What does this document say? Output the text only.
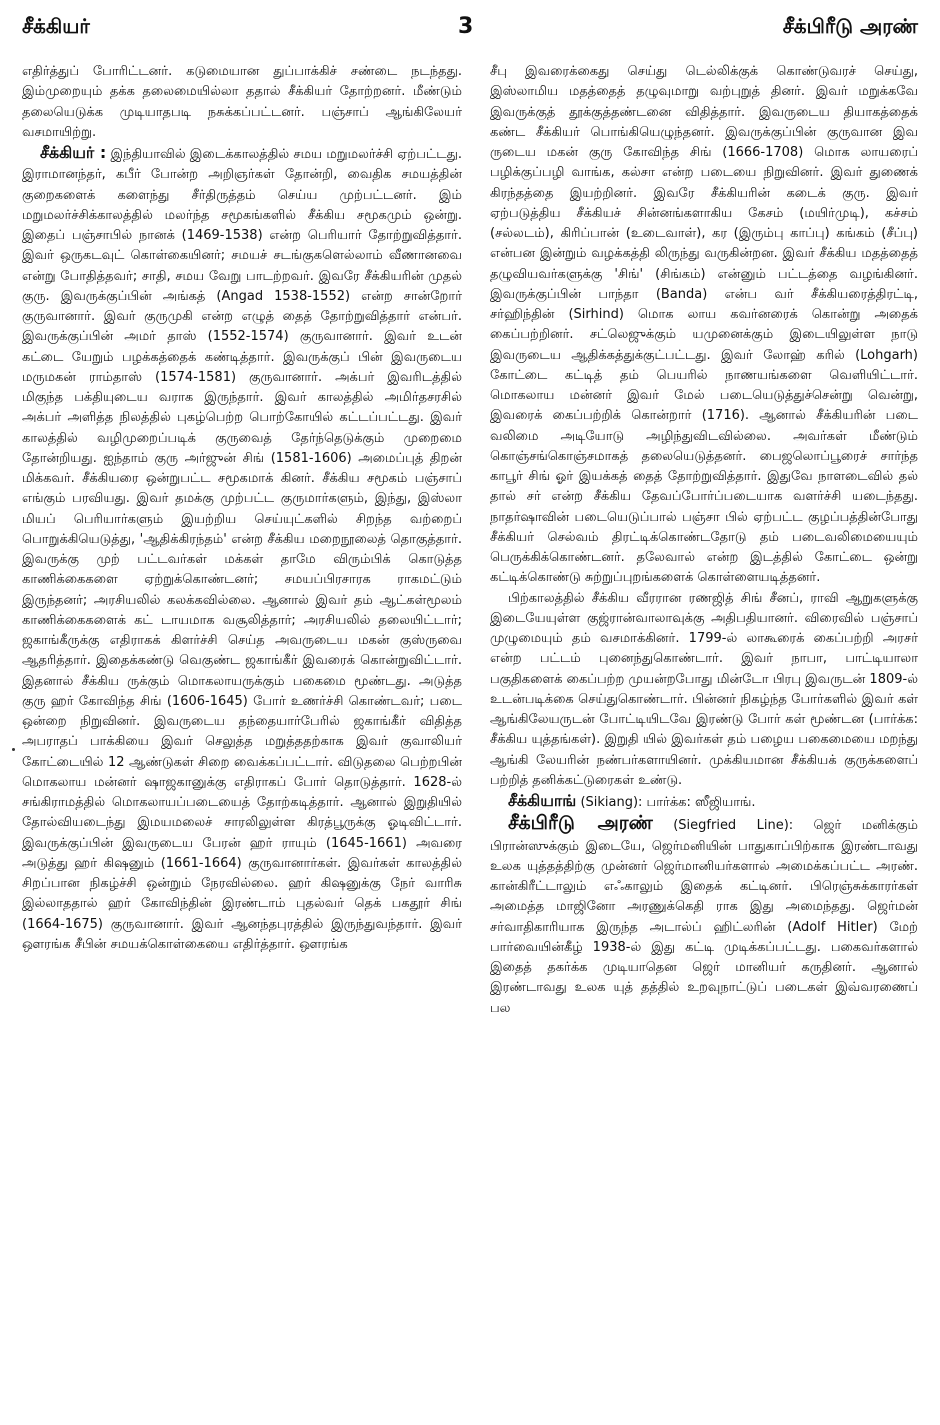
சீக்கியர்	3	சீக்பிரீடு அரண்

எதிர்த்துப் போரிட்டனர். கடுமையான துப்பாக்கிச் சண்டை நடந்தது. இம்முறையும் தக்க தலைமையில்லா ததால் சீக்கியர் தோற்றனர். மீண்டும் தலையெடுக்க முடியாதபடி நசுக்கப்பட்டனர். பஞ்சாப் ஆங்கிலேயர் வசமாயிற்று.

சீக்கியர் : இந்தியாவில் இடைக்காலத்தில் சமய மறுமலர்ச்சி ஏற்பட்டது. இராமானந்தர், கபீர் போன்ற அறிஞர்கள் தோன்றி, வைதிக சமயத்தின் குறைகளைக் களைந்து சீர்திருத்தம் செய்ய முற்பட்டனர். இம் மறுமலர்ச்சிக்காலத்தில் மலர்ந்த சமூகங்களில் சீக்கிய சமூகமும் ஒன்று. இதைப் பஞ்சாபில் நானக் (1469-1538) என்ற பெரியார் தோற்றுவித்தார். இவர் ஒருகடவுட் கொள்கையினர்; சமயச் சடங்குகளெல்லாம் வீணானவை என்று போதித்தவர்; சாதி, சமய வேறு பாடற்றவர். இவரே சீக்கியரின் முதல் குரு. இவருக்குப்பின் அங்கத் (Angad 1538-1552) என்ற சான்றோர் குருவானார். இவர் குருமுகி என்ற எழுத் தைத் தோற்றுவித்தார் என்பர். இவருக்குப்பின் அமர் தாஸ் (1552-1574) குருவானார். இவர் உடன் கட்டை யேறும் பழக்கத்தைக் கண்டித்தார். இவருக்குப் பின் இவருடைய மருமகன் ராம்தாஸ் (1574-1581) குருவானார். அக்பர் இவரிடத்தில் மிகுந்த பக்தியுடைய வராக இருந்தார். இவர் காலத்தில் அமிர்தசரசில் அக்பர் அளித்த நிலத்தில் புகழ்பெற்ற பொற்கோயில் கட்டப்பட்டது. இவர் காலத்தில் வழிமுறைப்படிக் குருவைத் தேர்ந்தெடுக்கும் முறைமை தோன்றியது. ஐந்தாம் குரு அர்ஜுன் சிங் (1581-1606) அமைப்புத் திறன் மிக்கவர். சீக்கியரை ஒன்றுபட்ட சமூகமாக் கினர். சீக்கிய சமூகம் பஞ்சாப் எங்கும் பரவியது. இவர் தமக்கு முற்பட்ட குருமார்களும், இந்து, இஸ்லா மியப் பெரியார்களும் இயற்றிய செய்யுட்களில் சிறந்த வற்றைப் பொறுக்கியெடுத்து, 'ஆதிக்கிரந்தம்' என்ற சீக்கிய மறைநூலைத் தொகுத்தார். இவருக்கு முற் பட்டவர்கள் மக்கள் தாமே விரும்பிக் கொடுத்த காணிக்கைகளை ஏற்றுக்கொண்டனர்; சமயப்பிரசாரக ராகமட்டும் இருந்தனர்; அரசியலில் கலக்கவில்லை. ஆனால் இவர் தம் ஆட்கள்மூலம் காணிக்கைகளைக் கட் டாயமாக வசூலித்தார்; அரசியலில் தலையிட்டார்; ஜகாங்கீருக்கு எதிராகக் கிளர்ச்சி செய்த அவருடைய மகன் குஸ்ருவை ஆதரித்தார். இதைக்கண்டு வெகுண்ட ஜகாங்கீர் இவரைக் கொன்றுவிட்டார். இதனால் சீக்கிய ருக்கும் மொகலாயருக்கும் பகைமை மூண்டது. அடுத்த குரு ஹர் கோவிந்த சிங் (1606-1645) போர் உணர்ச்சி கொண்டவர்; படை ஒன்றை நிறுவினர். இவருடைய தந்தையார்பேரில் ஜகாங்கீர் விதித்த அபராதப் பாக்கியை இவர் செலுத்த மறுத்ததற்காக இவர் குவாலியர் கோட்டையில் 12 ஆண்டுகள் சிறை வைக்கப்பட்டார். விடுதலை பெற்றபின் மொகலாய மன்னர் ஷாஜகானுக்கு எதிராகப் போர் தொடுத்தார். 1628-ல் சங்கிராமத்தில் மொகலாயப்படையைத் தோற்கடித்தார். ஆனால் இறுதியில் தோல்வியடைந்து இமயமலைச் சாரலிலுள்ள கிரத்பூருக்கு ஓடிவிட்டார். இவருக்குப்பின் இவருடைய பேரன் ஹர் ராயும் (1645-1661) அவரை அடுத்து ஹர் கிஷனும் (1661-1664) குருவானார்கள். இவர்கள் காலத்தில் சிறப்பான நிகழ்ச்சி ஒன்றும் நேரவில்லை. ஹர் கிஷனுக்கு நேர் வாரிசு இல்லாததால் ஹர் கோவிந்தின் இரண்டாம் புதல்வர் தெக் பகதூர் சிங் (1664-1675) குருவானார். இவர் ஆனந்தபுரத்தில் இருந்துவந்தார். இவர் ஔரங்க சீபின் சமயக்கொள்கையை எதிர்த்தார். ஔரங்க

சீபு இவரைக்கைது செய்து டெல்லிக்குக் கொண்டுவரச் செய்து, இஸ்லாமிய மதத்தைத் தழுவுமாறு வற்புறுத் தினர். இவர் மறுக்கவே இவருக்குத் தூக்குத்தண்டனை விதித்தார். இவருடைய தியாகத்தைக் கண்ட சீக்கியர் பொங்கியெழுந்தனர். இவருக்குப்பின் குருவான இவ ருடைய மகன் குரு கோவிந்த சிங் (1666-1708) மொக லாயரைப் பழிக்குப்பழி வாங்க, கல்சா என்ற படையை நிறுவினர். இவர் துணைக் கிரந்தத்தை இயற்றினர். இவரே சீக்கியரின் கடைக் குரு. இவர் ஏற்படுத்திய சீக்கியச் சின்னங்களாகிய கேசம் (மயிர்முடி), கச்சம் (சல்லடம்), கிரிப்பான் (உடைவாள்), கர (இரும்பு காப்பு) கங்கம் (சீப்பு) என்பன இன்றும் வழக்கத்தி லிருந்து வருகின்றன. இவர் சீக்கிய மதத்தைத் தழுவியவர்களுக்கு 'சிங்' (சிங்கம்) என்னும் பட்டத்தை வழங்கினர். இவருக்குப்பின் பாந்தா (Banda) என்ப வர் சீக்கியரைத்திரட்டி, சர்ஹிந்தின் (Sirhind) மொக லாய கவர்னரைக் கொன்று அதைக் கைப்பற்றினர். சட்லெஜுக்கும் யமுனைக்கும் இடையிலுள்ள நாடு இவருடைய ஆதிக்கத்துக்குட்பட்டது. இவர் லோஹ் கரில் (Lohgarh) கோட்டை கட்டித் தம் பெயரில் நாணயங்களை வெளியிட்டார். மொகலாய மன்னர் இவர் மேல் படையெடுத்துச்சென்று வென்று, இவரைக் கைப்பற்றிக் கொன்றார் (1716). ஆனால் சீக்கியரின் படை வலிமை அடியோடு அழிந்துவிடவில்லை. அவர்கள் மீண்டும் கொஞ்சங்கொஞ்சமாகத் தலையெடுத்தனர். பைஜலொப்பூரைச் சார்ந்த காபூர் சிங் ஓர் இயக்கத் தைத் தோற்றுவித்தார். இதுவே நாளடைவில் தல் தால் சர் என்ற சீக்கிய தேவப்போர்ப்படையாக வளர்ச்சி யடைந்தது. நாதர்ஷாவின் படையெடுப்பால் பஞ்சா பில் ஏற்பட்ட குழப்பத்தின்போது சீக்கியர் செல்வம் திரட்டிக்கொண்டதோடு தம் படைவலிமையையும் பெருக்கிக்கொண்டனர். தலேவால் என்ற இடத்தில் கோட்டை ஒன்று கட்டிக்கொண்டு சுற்றுப்புறங்களைக் கொள்ளையடித்தனர்.

பிற்காலத்தில் சீக்கிய வீரரான ரணஜித் சிங் சீனப், ராவி ஆறுகளுக்கு இடையேயுள்ள குஜ்ரான்வாலாவுக்கு அதிபதியானர். விரைவில் பஞ்சாப் முழுமையும் தம் வசமாக்கினர். 1799-ல் லாகூரைக் கைப்பற்றி அரசர் என்ற பட்டம் புனைந்துகொண்டார். இவர் நாபா, பாட்டியாலா பகுதிகளைக் கைப்பற்ற முயன்றபோது மின்டோ பிரபு இவருடன் 1809-ல் உடன்படிக்கை செய்துகொண்டார். பின்னர் நிகழ்ந்த போர்களில் இவர் கள் ஆங்கிலேயருடன் போட்டியிடவே இரண்டு போர் கள் மூண்டன (பார்க்க: சீக்கிய யுத்தங்கள்). இறுதி யில் இவர்கள் தம் பழைய பகைமையை மறந்து ஆங்கி லேயரின் நண்பர்களாயினர். முக்கியமான சீக்கியக் குருக்களைப் பற்றித் தனிக்கட்டுரைகள் உண்டு.

சீக்கியாங் (Sikiang): பார்க்க: ஸீஜியாங்.

சீக்பிரீடு அரண் (Siegfried Line): ஜெர் மனிக்கும் பிரான்ஸுக்கும் இடையே, ஜெர்மனியின் பாதுகாப்பிற்காக இரண்டாவது உலக யுத்தத்திற்கு முன்னர் ஜெர்மானியர்களால் அமைக்கப்பட்ட அரண். கான்கிரீட்டாலும் எஃகாலும் இதைக் கட்டினர். பிரெஞ்சுக்காரர்கள் அமைத்த மாஜினோ அரணுக்கெதி ராக இது அமைந்தது. ஜெர்மன் சர்வாதிகாரியாக இருந்த அடால்ப் ஹிட்லரின் (Adolf Hitler) மேற் பார்வையின்கீழ் 1938-ல் இது கட்டி முடிக்கப்பட்டது. பகைவர்களால் இதைத் தகர்க்க முடியாதென ஜெர் மானியர் கருதினர். ஆனால் இரண்டாவது உலக யுத் தத்தில் உறவுநாட்டுப் படைகள் இவ்வரணைப் பல
